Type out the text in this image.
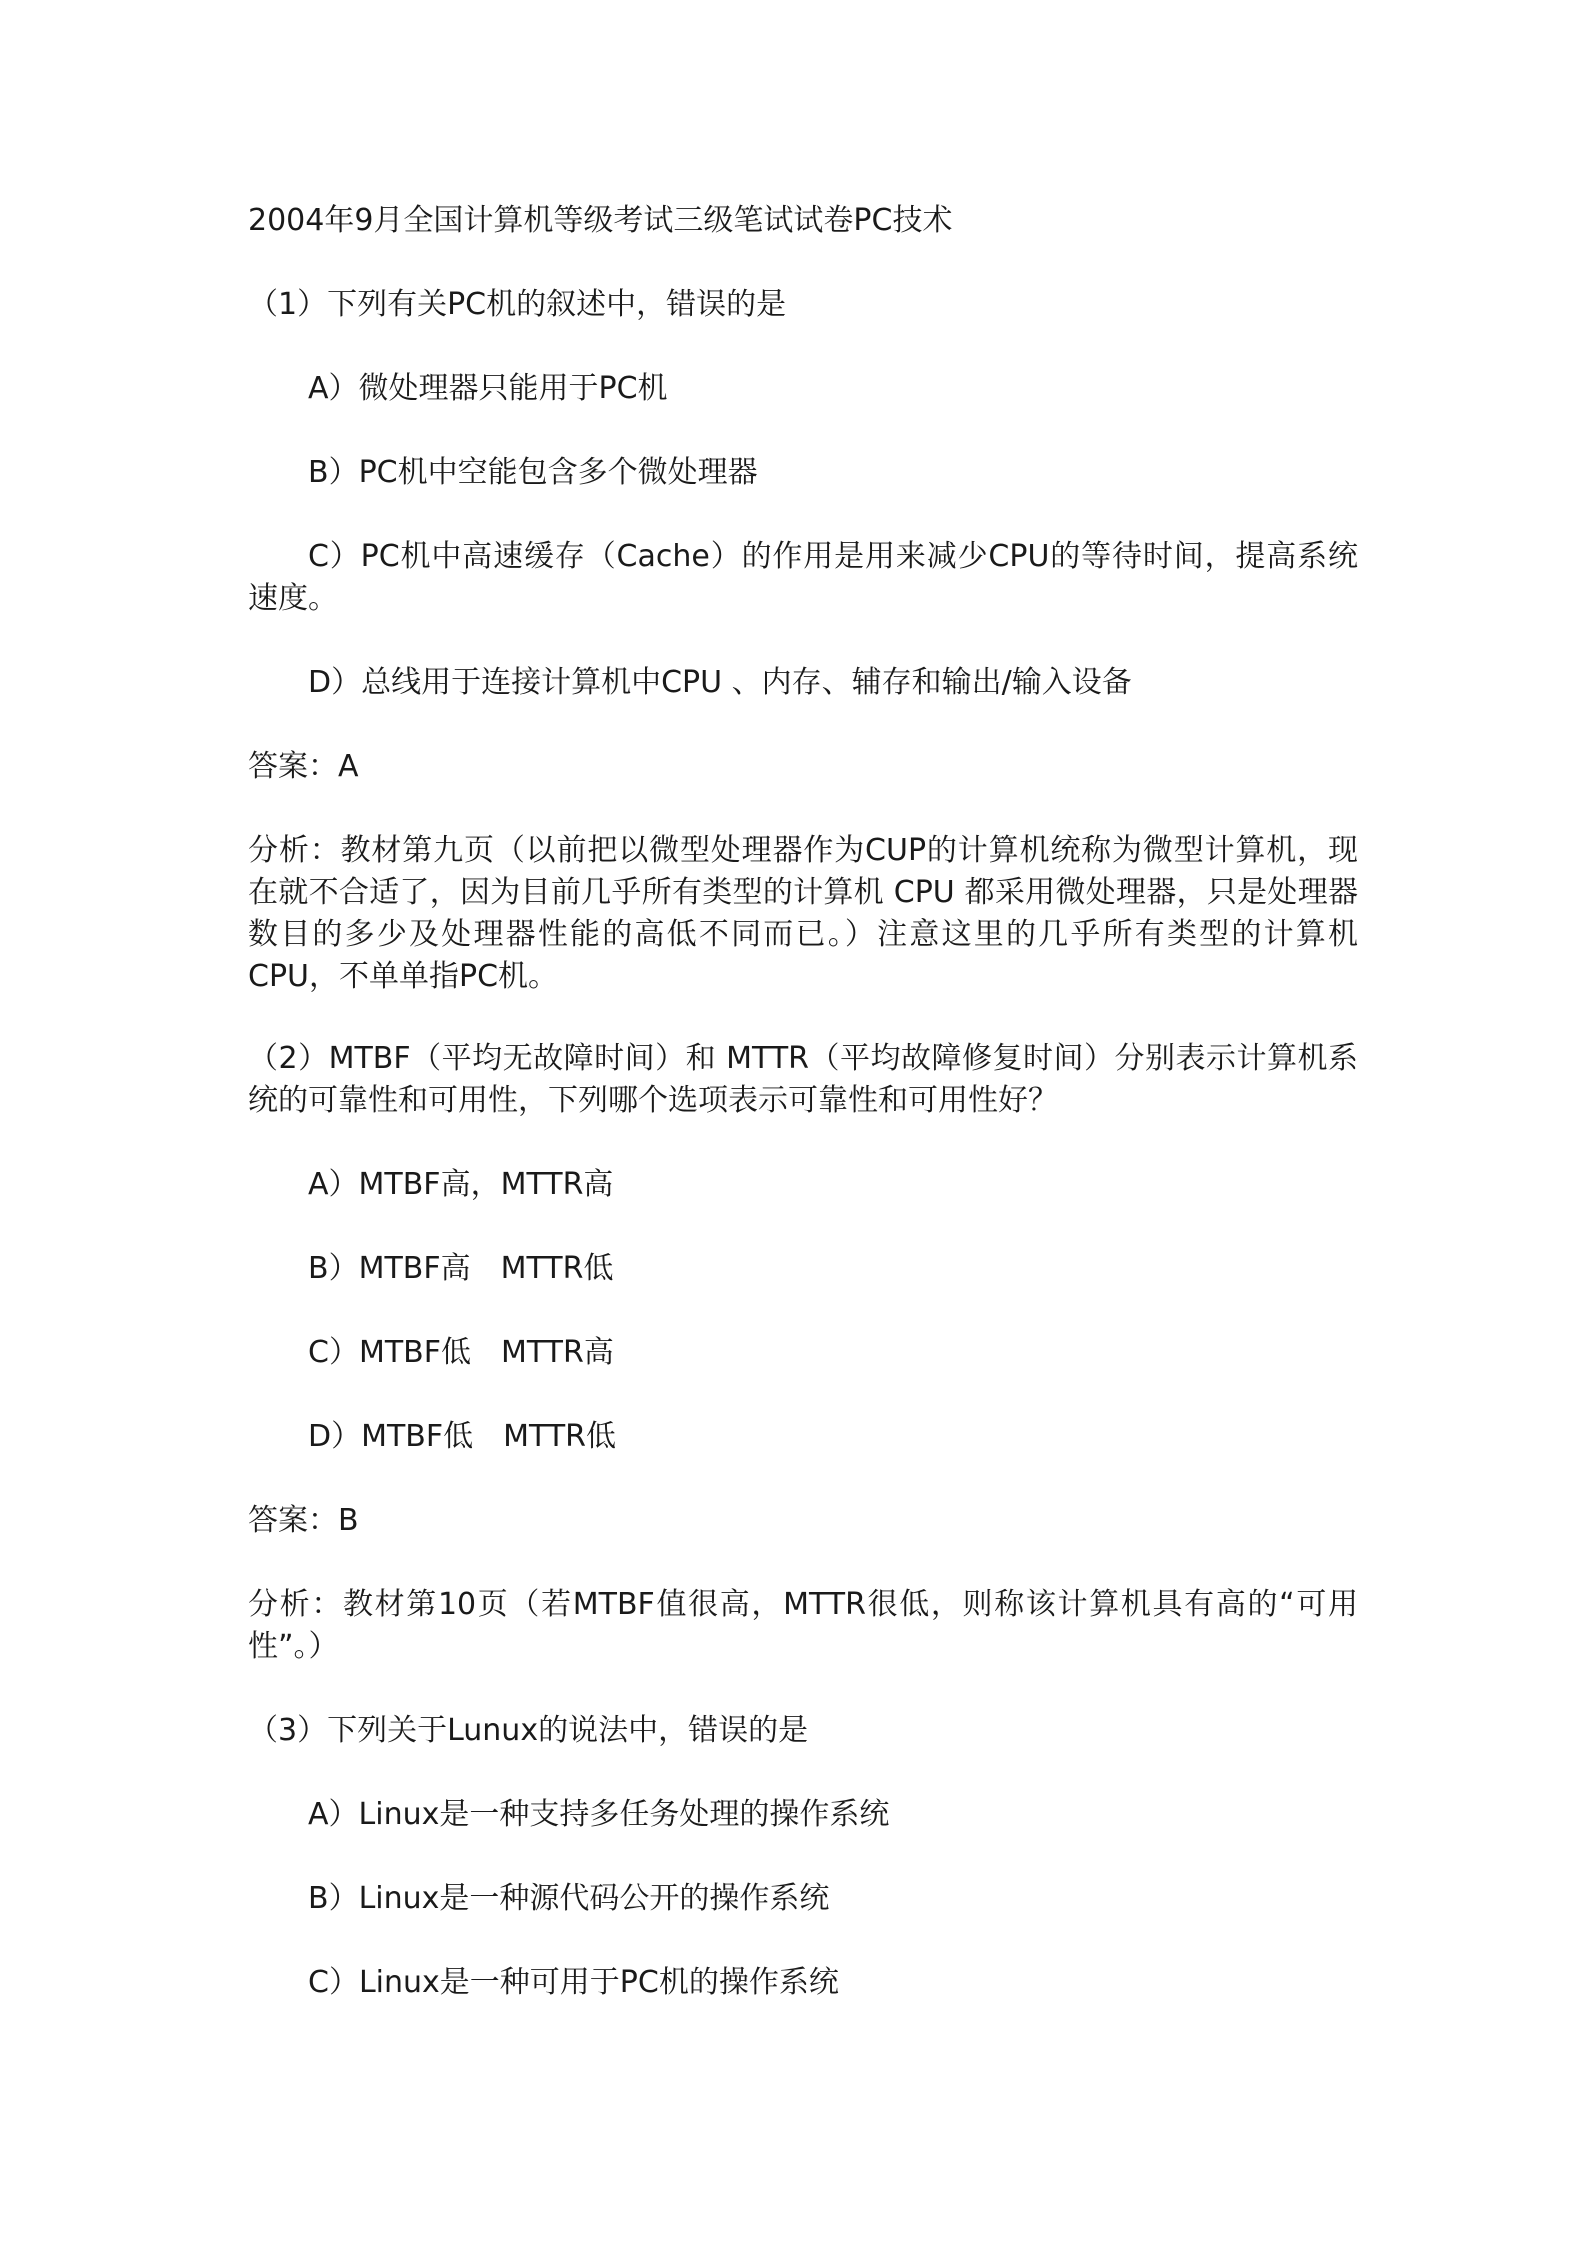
2004年9月全国计算机等级考试三级笔试试卷PC技术
（1）下列有关PC机的叙述中，错误的是
A）微处理器只能用于PC机
B）PC机中空能包含多个微处理器
C）PC机中高速缓存（Cache）的作用是用来减少CPU的等待时间，提高系统速度。
D）总线用于连接计算机中CPU 、内存、辅存和输出/输入设备
答案：A
分析：教材第九页（以前把以微型处理器作为CUP的计算机统称为微型计算机，现在就不合适了，因为目前几乎所有类型的计算机 CPU 都采用微处理器，只是处理器数目的多少及处理器性能的高低不同而已。）注意这里的几乎所有类型的计算机CPU，不单单指PC机。
（2）MTBF（平均无故障时间）和 MTTR（平均故障修复时间）分别表示计算机系统的可靠性和可用性，下列哪个选项表示可靠性和可用性好？
A）MTBF高，MTTR高
B）MTBF高　MTTR低
C）MTBF低　MTTR高
D）MTBF低　MTTR低
答案：B
分析：教材第10页（若MTBF值很高，MTTR很低，则称该计算机具有高的“可用性”。）
（3）下列关于Lunux的说法中，错误的是
A）Linux是一种支持多任务处理的操作系统
B）Linux是一种源代码公开的操作系统
C）Linux是一种可用于PC机的操作系统
